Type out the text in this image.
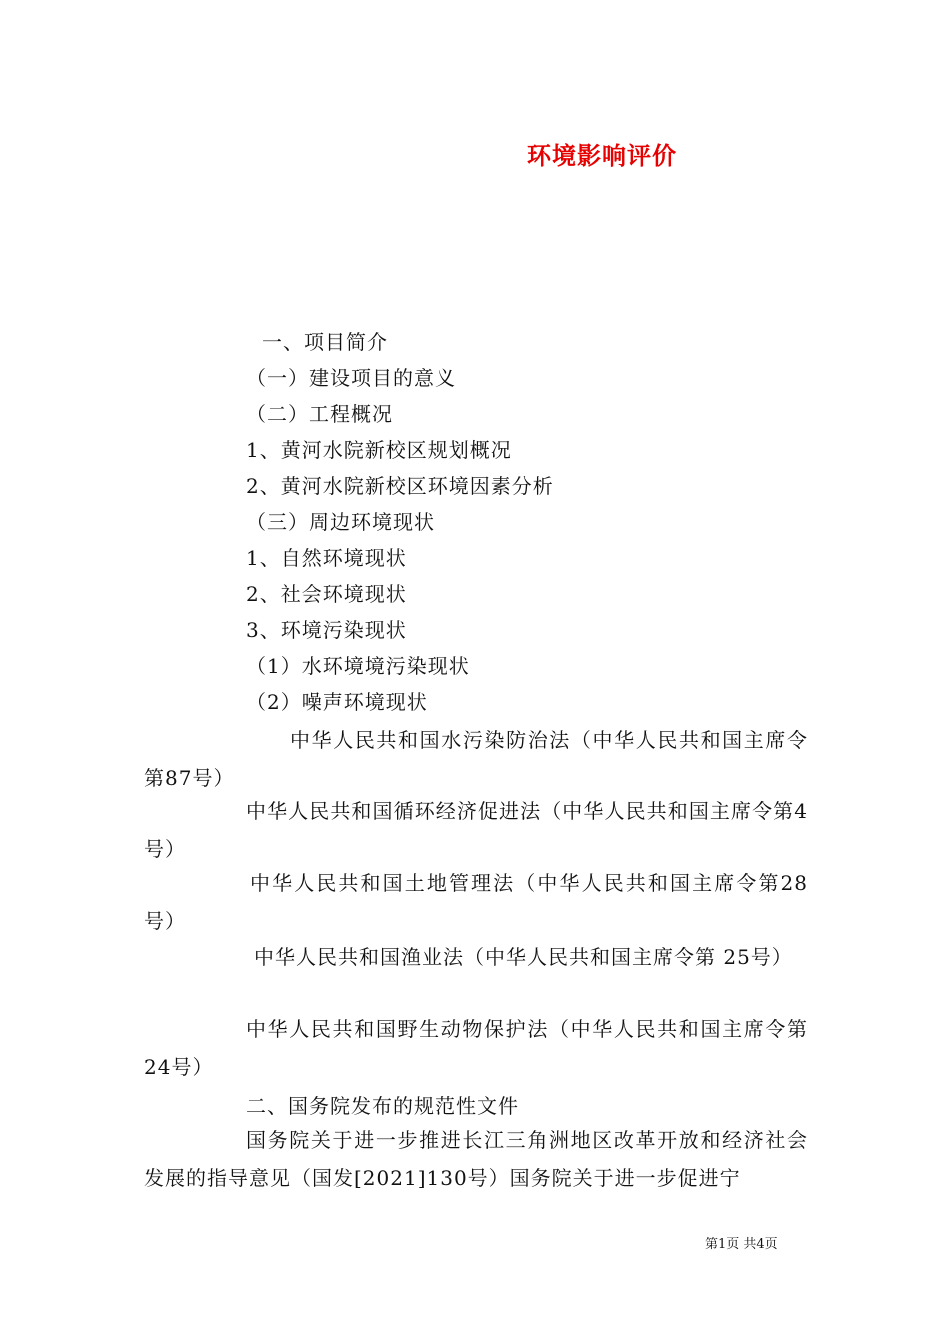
环境影响评价
一、项目简介
（一）建设项目的意义
（二）工程概况
1、黄河水院新校区规划概况
2、黄河水院新校区环境因素分析
（三）周边环境现状
1、自然环境现状
2、社会环境现状
3、环境污染现状
（1）水环境境污染现状
（2）噪声环境现状
中华人民共和国水污染防治法（中华人民共和国主席令第87号）
中华人民共和国循环经济促进法（中华人民共和国主席令第4号）
中华人民共和国土地管理法（中华人民共和国主席令第28号）
中华人民共和国渔业法（中华人民共和国主席令第 25号）
中华人民共和国野生动物保护法（中华人民共和国主席令第24号）
二、国务院发布的规范性文件
国务院关于进一步推进长江三角洲地区改革开放和经济社会发展的指导意见（国发[2021]130号）国务院关于进一步促进宁
第1页 共4页
